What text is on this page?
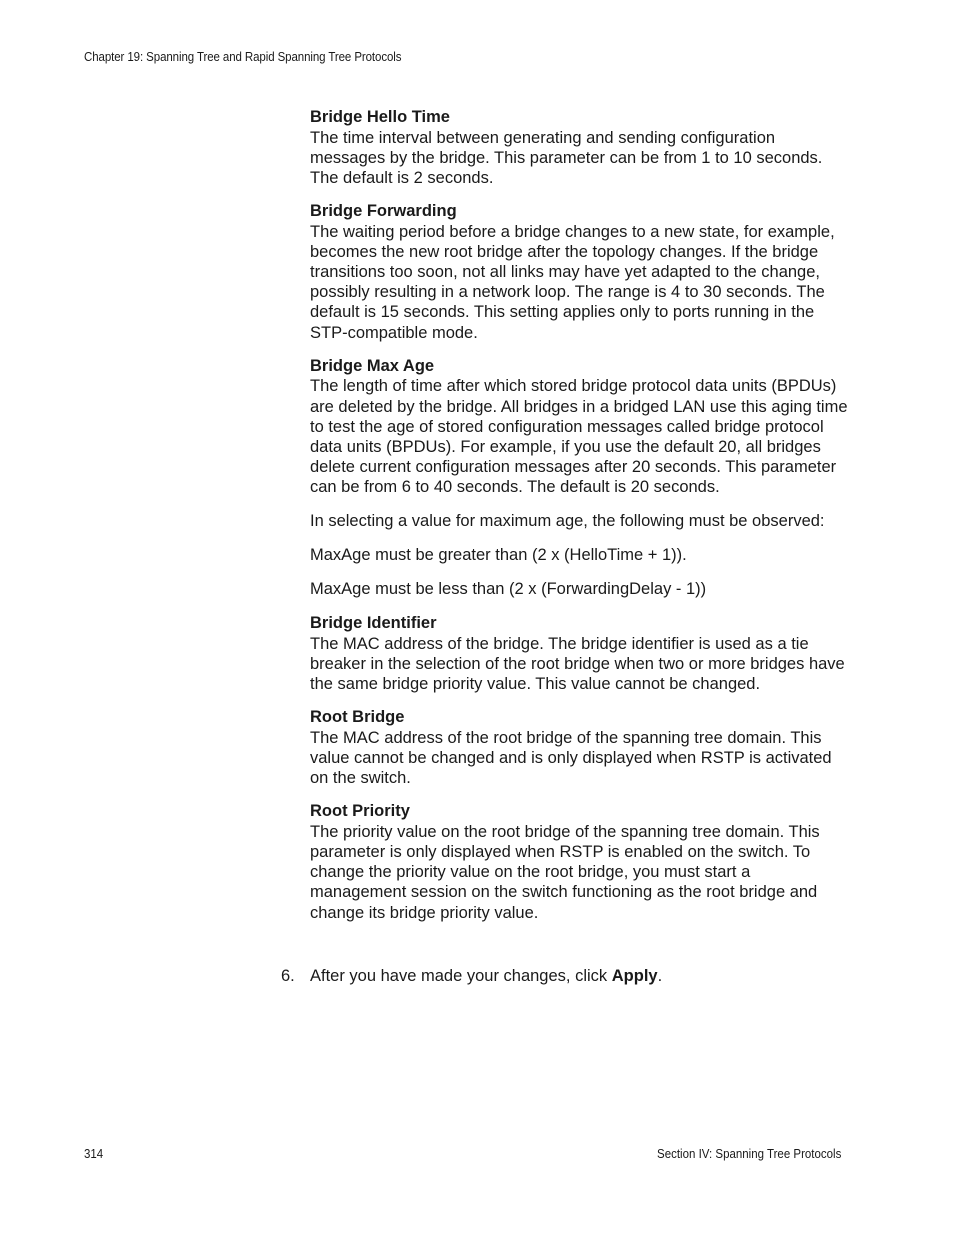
Chapter 19: Spanning Tree and Rapid Spanning Tree Protocols
Bridge Hello Time
The time interval between generating and sending configuration messages by the bridge. This parameter can be from 1 to 10 seconds. The default is 2 seconds.
Bridge Forwarding
The waiting period before a bridge changes to a new state, for example, becomes the new root bridge after the topology changes. If the bridge transitions too soon, not all links may have yet adapted to the change, possibly resulting in a network loop. The range is 4 to 30 seconds. The default is 15 seconds. This setting applies only to ports running in the STP-compatible mode.
Bridge Max Age
The length of time after which stored bridge protocol data units (BPDUs) are deleted by the bridge. All bridges in a bridged LAN use this aging time to test the age of stored configuration messages called bridge protocol data units (BPDUs). For example, if you use the default 20, all bridges delete current configuration messages after 20 seconds. This parameter can be from 6 to 40 seconds. The default is 20 seconds.
In selecting a value for maximum age, the following must be observed:
MaxAge must be greater than (2 x (HelloTime + 1)).
MaxAge must be less than (2 x (ForwardingDelay - 1))
Bridge Identifier
The MAC address of the bridge. The bridge identifier is used as a tie breaker in the selection of the root bridge when two or more bridges have the same bridge priority value. This value cannot be changed.
Root Bridge
The MAC address of the root bridge of the spanning tree domain. This value cannot be changed and is only displayed when RSTP is activated on the switch.
Root Priority
The priority value on the root bridge of the spanning tree domain. This parameter is only displayed when RSTP is enabled on the switch. To change the priority value on the root bridge, you must start a management session on the switch functioning as the root bridge and change its bridge priority value.
6. After you have made your changes, click Apply.
314	Section IV: Spanning Tree Protocols
